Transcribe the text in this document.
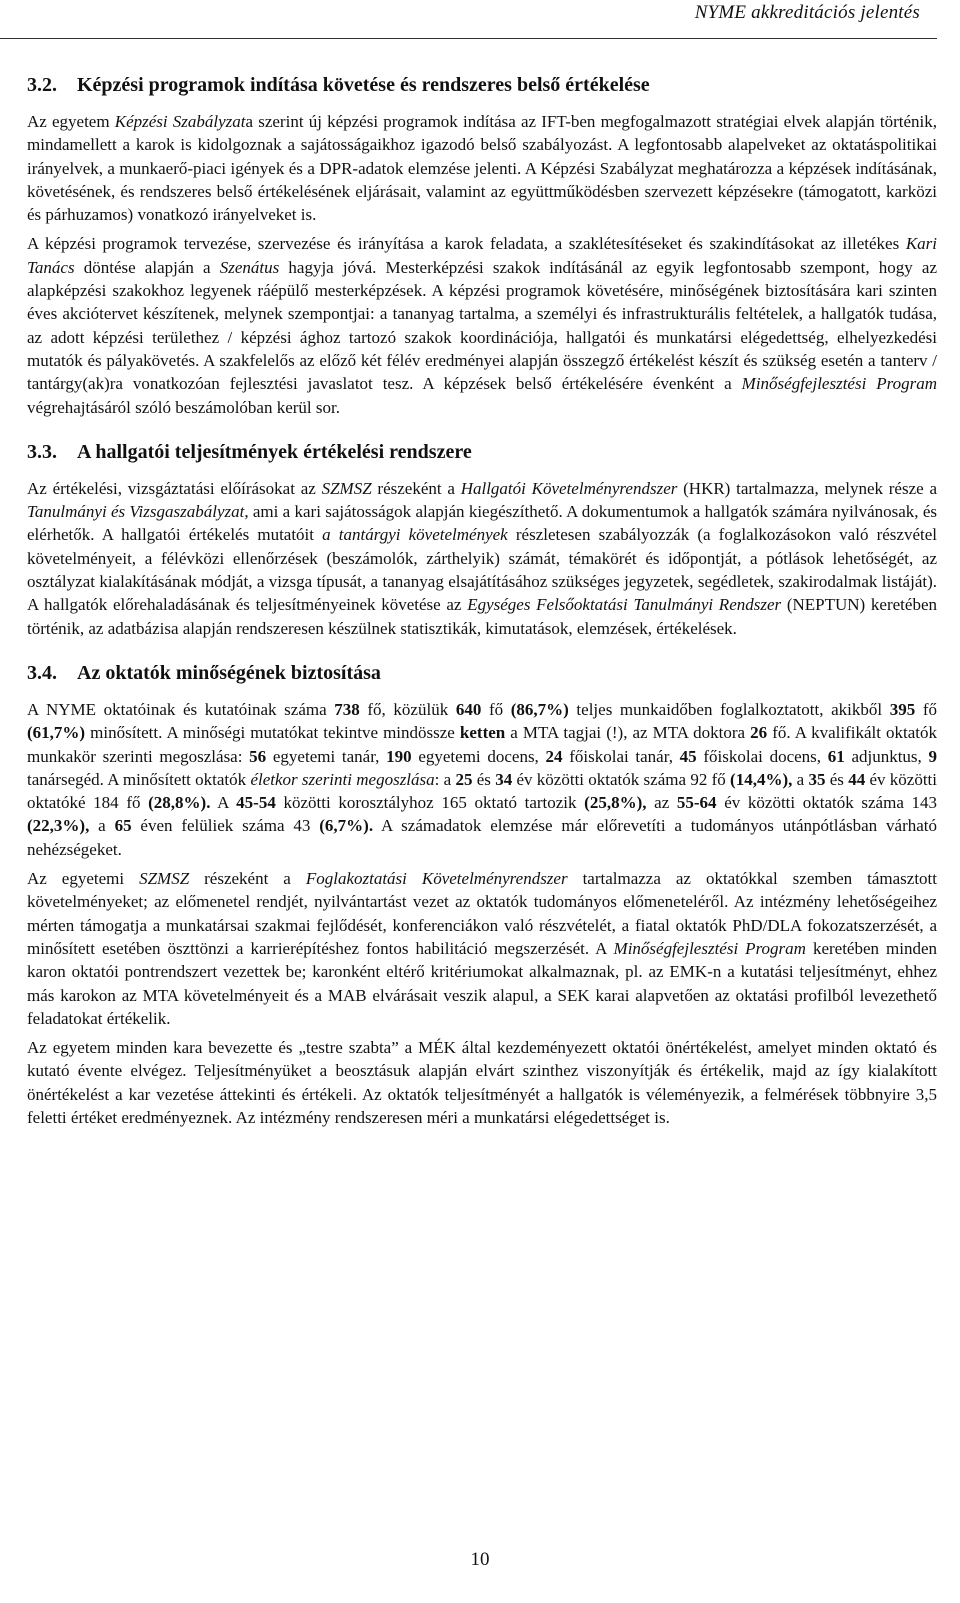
NYME akkreditációs jelentés
3.2. Képzési programok indítása követése és rendszeres belső értékelése

Az egyetem Képzési Szabályzata szerint új képzési programok indítása az IFT-ben megfogalmazott stratégiai elvek alapján történik, mindamellett a karok is kidolgoznak a sajátosságaikhoz igazodó belső szabályozást. A legfontosabb alapelveket az oktatáspolitikai irányelvek, a munkaerő-piaci igények és a DPR-adatok elemzése jelenti. A Képzési Szabályzat meghatározza a képzések indításának, követésének, és rendszeres belső értékelésének eljárásait, valamint az együttműködésben szervezett képzésekre (támogatott, karközi és párhuzamos) vonatkozó irányelveket is.

A képzési programok tervezése, szervezése és irányítása a karok feladata, a szaklétesítéseket és szakindításokat az illetékes Kari Tanács döntése alapján a Szenátus hagyja jóvá. Mesterképzési szakok indításánál az egyik legfontosabb szempont, hogy az alapképzési szakokhoz legyenek ráépülő mesterképzések. A képzési programok követésére, minőségének biztosítására kari szinten éves akciótervet készítenek, melynek szempontjai: a tananyag tartalma, a személyi és infrastrukturális feltételek, a hallgatók tudása, az adott képzési területhez / képzési ághoz tartozó szakok koordinációja, hallgatói és munkatársi elégedettség, elhelyezkedési mutatók és pályakövetés. A szakfelelős az előző két félév eredményei alapján összegző értékelést készít és szükség esetén a tanterv / tantárgy(ak)ra vonatkozóan fejlesztési javaslatot tesz. A képzések belső értékelésére évenként a Minőségfejlesztési Program végrehajtásáról szóló beszámolóban kerül sor.

3.3. A hallgatói teljesítmények értékelési rendszere

Az értékelési, vizsgáztatási előírásokat az SZMSZ részeként a Hallgatói Követelményrendszer (HKR) tartalmazza, melynek része a Tanulmányi és Vizsgaszabályzat, ami a kari sajátosságok alapján kiegészíthető. A dokumentumok a hallgatók számára nyilvánosak, és elérhetők. A hallgatói értékelés mutatóit a tantárgyi követelmények részletesen szabályozzák (a foglalkozásokon való részvétel követelményeit, a félévközi ellenőrzések (beszámolók, zárthelyik) számát, témakörét és időpontját, a pótlások lehetőségét, az osztályzat kialakításának módját, a vizsga típusát, a tananyag elsajátításához szükséges jegyzetek, segédletek, szakirodalmak listáját). A hallgatók előrehaladásának és teljesítményeinek követése az Egységes Felsőoktatási Tanulmányi Rendszer (NEPTUN) keretében történik, az adatbázisa alapján rendszeresen készülnek statisztikák, kimutatások, elemzések, értékelések.

3.4. Az oktatók minőségének biztosítása

A NYME oktatóinak és kutatóinak száma 738 fő, közülük 640 fő (86,7%) teljes munkaidőben foglalkoztatott, akikből 395 fő (61,7%) minősített. A minőségi mutatókat tekintve mindössze ketten a MTA tagjai (!), az MTA doktora 26 fő. A kvalifikált oktatók munkakör szerinti megoszlása: 56 egyetemi tanár, 190 egyetemi docens, 24 főiskolai tanár, 45 főiskolai docens, 61 adjunktus, 9 tanársegéd. A minősített oktatók életkor szerinti megoszlása: a 25 és 34 év közötti oktatók száma 92 fő (14,4%), a 35 és 44 év közötti oktatóké 184 fő (28,8%). A 45-54 közötti korosztályhoz 165 oktató tartozik (25,8%), az 55-64 év közötti oktatók száma 143 (22,3%), a 65 éven felüliek száma 43 (6,7%). A számadatok elemzése már előrevetíti a tudományos utánpótlásban várható nehézségeket.

Az egyetemi SZMSZ részeként a Foglakoztatási Követelményrendszer tartalmazza az oktatókkal szemben támasztott követelményeket; az előmenetel rendjét, nyilvántartást vezet az oktatók tudományos előmeneteléről. Az intézmény lehetőségeihez mérten támogatja a munkatársai szakmai fejlődését, konferenciákon való részvételét, a fiatal oktatók PhD/DLA fokozatszerzését, a minősített esetében öszttönzi a karrierépítéshez fontos habilitáció megszerzését. A Minőségfejlesztési Program keretében minden karon oktatói pontrendszert vezettek be; karonként eltérő kritériumokat alkalmaznak, pl. az EMK-n a kutatási teljesítményt, ehhez más karokon az MTA követelményeit és a MAB elvárásait veszik alapul, a SEK karai alapvetően az oktatási profilból levezethető feladatokat értékelik.

Az egyetem minden kara bevezette és „testre szabta” a MÉK által kezdeményezett oktatói önértékelést, amelyet minden oktató és kutató évente elvégez. Teljesítményüket a beosztásuk alapján elvárt szinthez viszonyítják és értékelik, majd az így kialakított önértékelést a kar vezetése áttekinti és értékeli. Az oktatók teljesítményét a hallgatók is véleményezik, a felmérések többnyire 3,5 feletti értéket eredményeznek. Az intézmény rendszeresen méri a munkatársi elégedettséget is.

10
